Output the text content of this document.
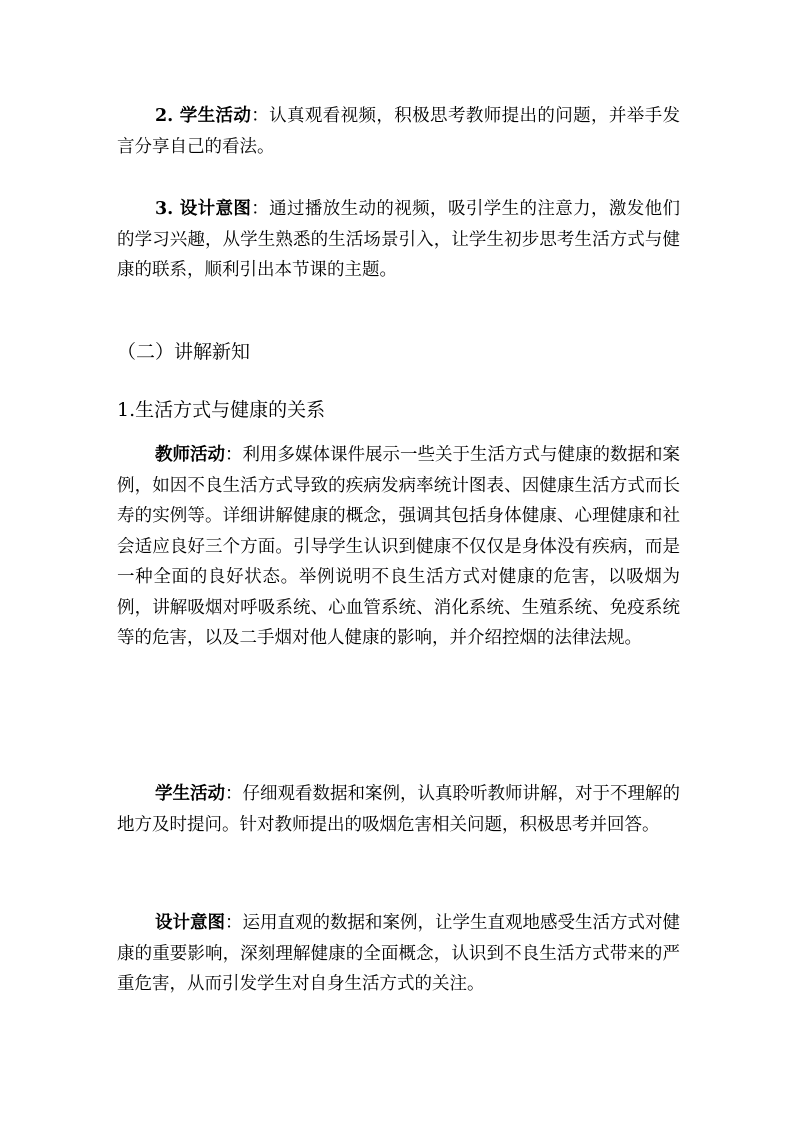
2. 学生活动：认真观看视频，积极思考教师提出的问题，并举手发言分享自己的看法。

3. 设计意图：通过播放生动的视频，吸引学生的注意力，激发他们的学习兴趣，从学生熟悉的生活场景引入，让学生初步思考生活方式与健康的联系，顺利引出本节课的主题。

（二）讲解新知
1.生活方式与健康的关系

教师活动：利用多媒体课件展示一些关于生活方式与健康的数据和案例，如因不良生活方式导致的疾病发病率统计图表、因健康生活方式而长寿的实例等。详细讲解健康的概念，强调其包括身体健康、心理健康和社会适应良好三个方面。引导学生认识到健康不仅仅是身体没有疾病，而是一种全面的良好状态。举例说明不良生活方式对健康的危害，以吸烟为例，讲解吸烟对呼吸系统、心血管系统、消化系统、生殖系统、免疫系统等的危害，以及二手烟对他人健康的影响，并介绍控烟的法律法规。

学生活动：仔细观看数据和案例，认真聆听教师讲解，对于不理解的地方及时提问。针对教师提出的吸烟危害相关问题，积极思考并回答。

设计意图：运用直观的数据和案例，让学生直观地感受生活方式对健康的重要影响，深刻理解健康的全面概念，认识到不良生活方式带来的严重危害，从而引发学生对自身生活方式的关注。
